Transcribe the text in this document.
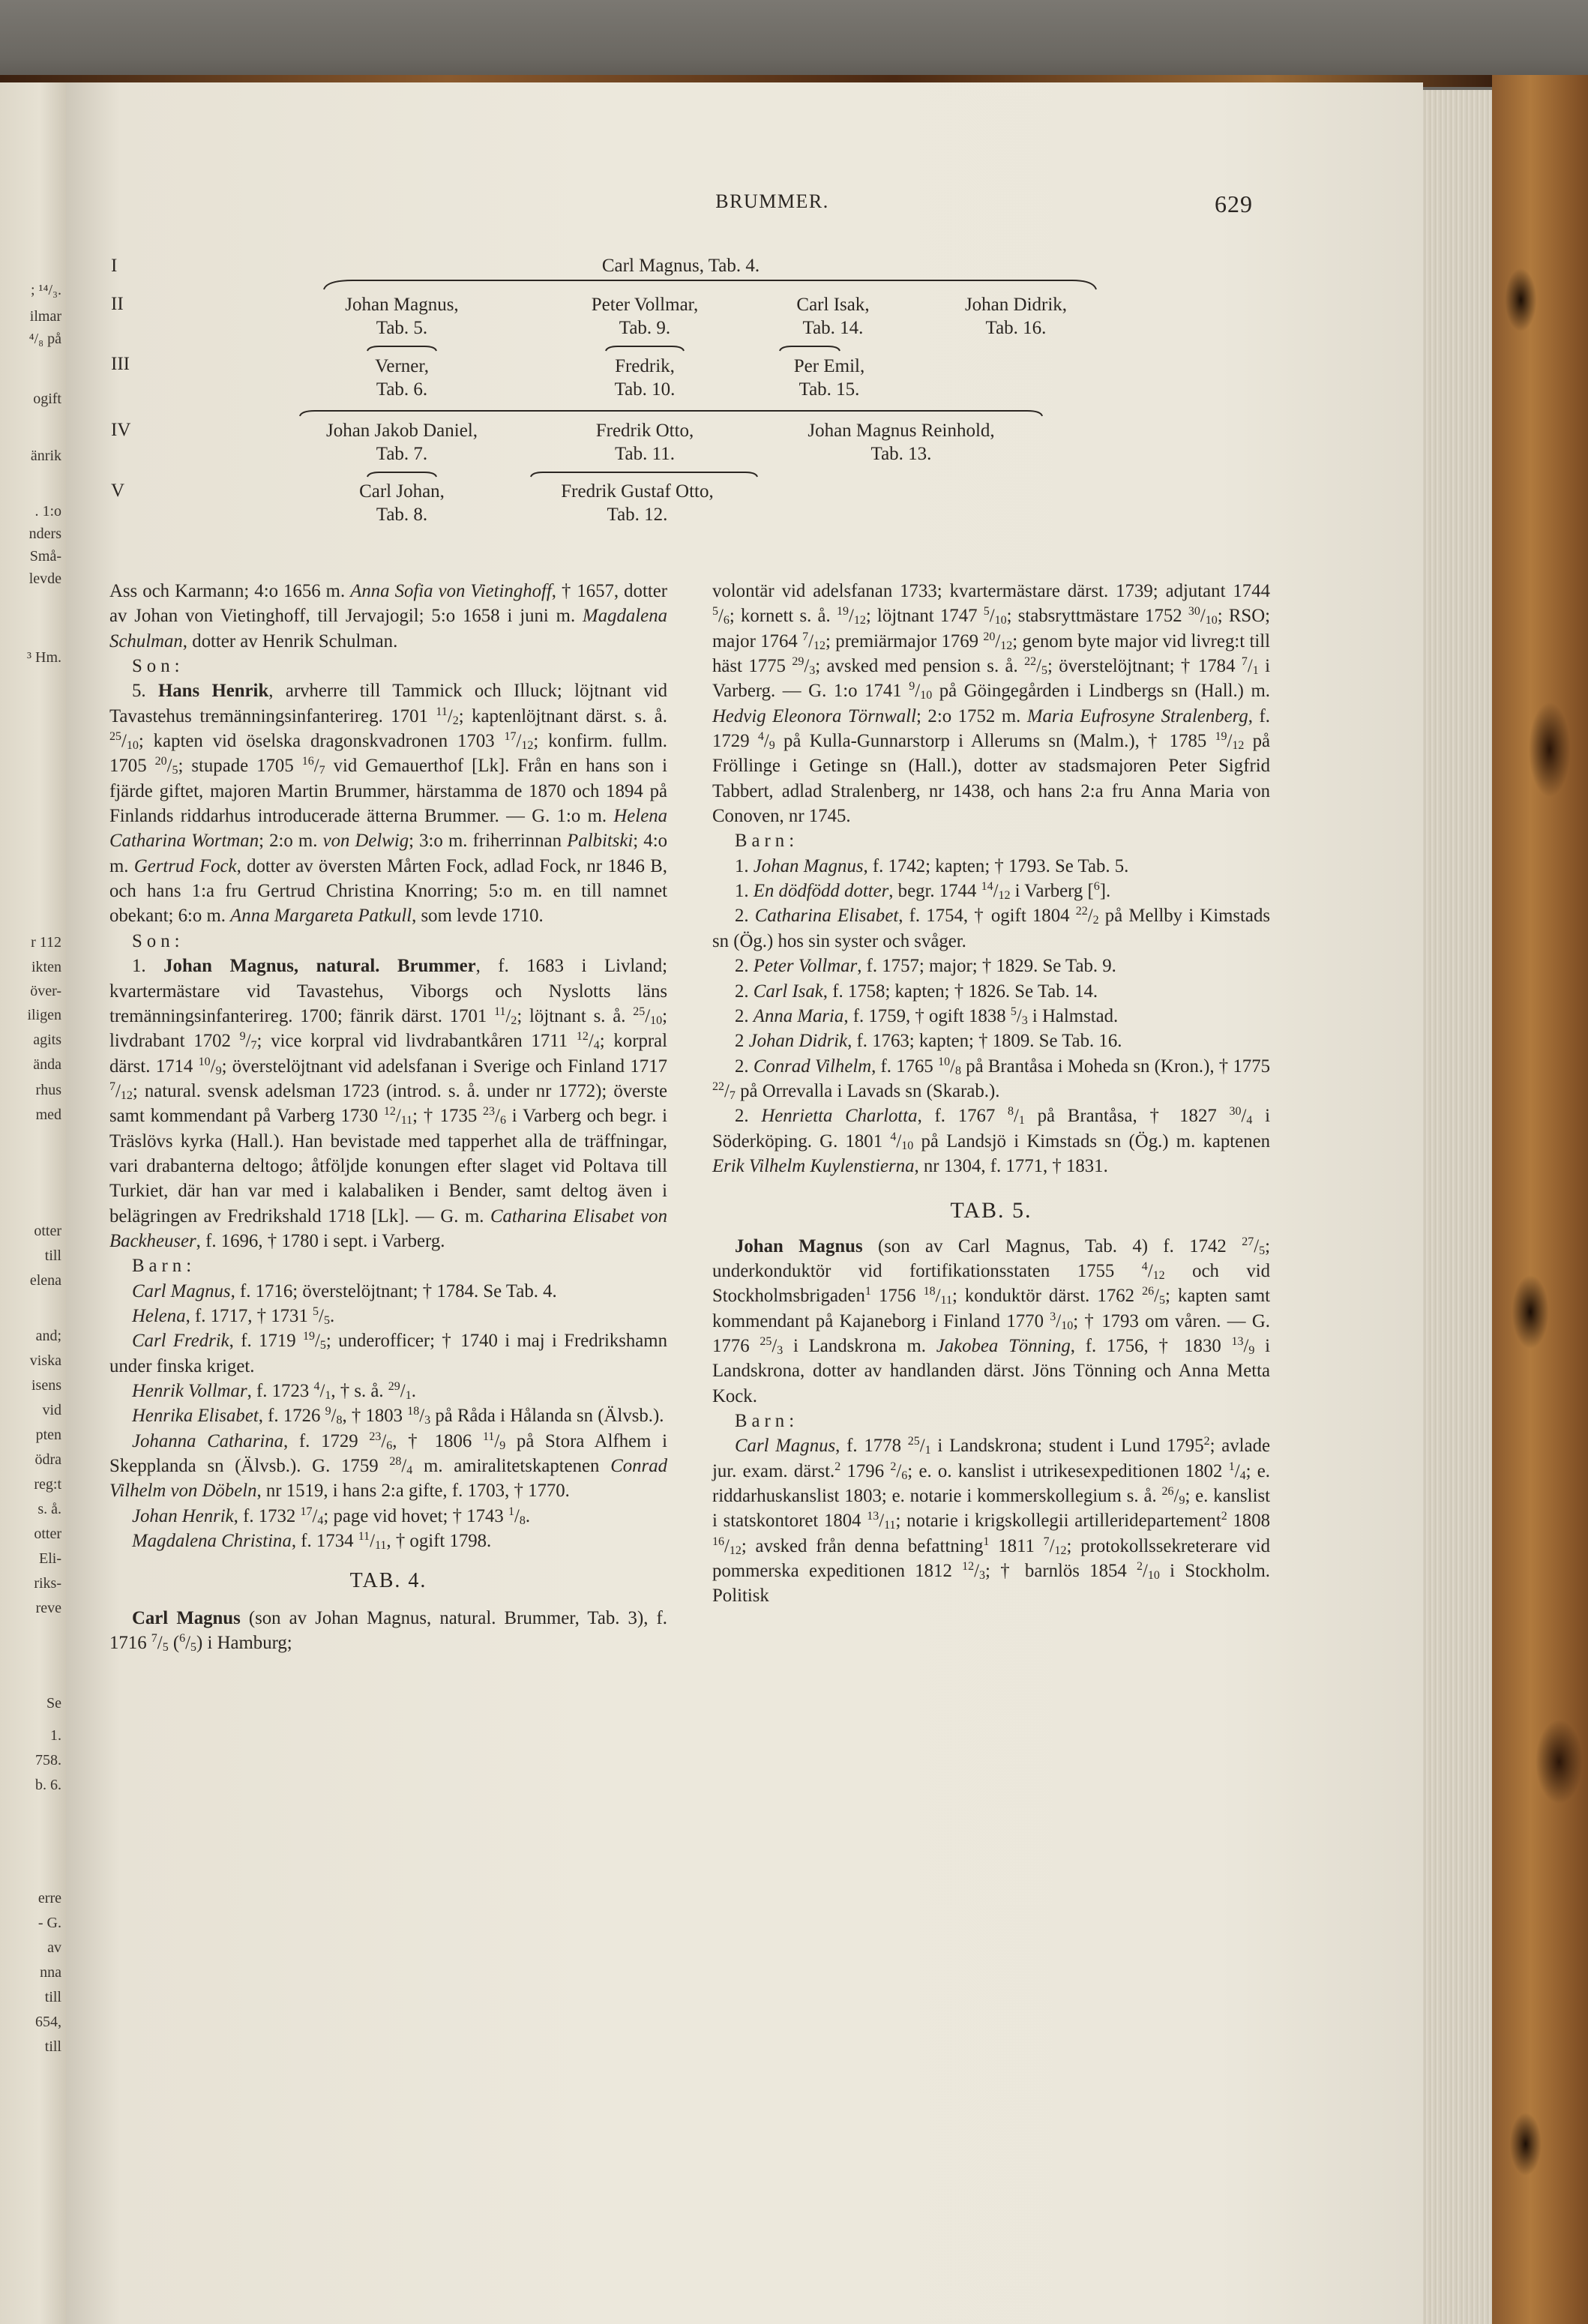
; ¹⁴/₃.
ilmar
⁴/₈ på
ogift
änrik
. 1:o
nders
Små-
levde
³ Hm.
r 112
ikten
över-
iligen
agits
ända
rhus
med
otter
till
elena
and;
viska
isens
vid
pten
ödra
reg:t
s. å.
otter
Eli-
riks-
reve
Se
1.
758.
b. 6.
erre
- G.
av
nna
till
654,
till
BRUMMER.	629
I
II
III
IV
V
Carl Magnus, Tab. 4.
Johan Magnus,
Tab. 5.
Peter Vollmar,
Tab. 9.
Carl Isak,
Tab. 14.
Johan Didrik,
Tab. 16.
Verner,
Tab. 6.
Fredrik,
Tab. 10.
Per Emil,
Tab. 15.
Johan Jakob Daniel,
Tab. 7.
Fredrik Otto,
Tab. 11.
Johan Magnus Reinhold,
Tab. 13.
Carl Johan,
Tab. 8.
Fredrik Gustaf Otto,
Tab. 12.

Ass och Karmann; 4:o 1656 m. Anna Sofia von Vietinghoff, † 1657, dotter av Johan von Vietinghoff, till Jervajogil; 5:o 1658 i juni m. Magdalena Schulman, dotter av Henrik Schulman.

Son:

5. Hans Henrik, arvherre till Tammick och Illuck; löjtnant vid Tavastehus tremänningsinfanterireg. 1701 $^{11}/_2$; kaptenlöjtnant därst. s. å. $^{25}/_{10}$; kapten vid öselska dragonskvadronen 1703 $^{17}/_{12}$; konfirm. fullm. 1705 $^{20}/_5$; stupade 1705 $^{16}/_7$ vid Gemauerthof [Lk]. Från en hans son i fjärde giftet, majoren Martin Brummer, härstamma de 1870 och 1894 på Finlands riddarhus introducerade ätterna Brummer. — G. 1:o m. Helena Catharina Wortman; 2:o m. von Delwig; 3:o m. friherrinnan Palbitski; 4:o m. Gertrud Fock, dotter av översten Mårten Fock, adlad Fock, nr 1846 B, och hans 1:a fru Gertrud Christina Knorring; 5:o m. en till namnet obekant; 6:o m. Anna Margareta Patkull, som levde 1710.

Son:

1. Johan Magnus, natural. Brummer, f. 1683 i Livland; kvartermästare vid Tavastehus, Viborgs och Nyslotts läns tremänningsinfanterireg. 1700; fänrik därst. 1701 $^{11}/_2$; löjtnant s. å. $^{25}/_{10}$; livdrabant 1702 $^9/_7$; vice korpral vid livdrabantkåren 1711 $^{12}/_4$; korpral därst. 1714 $^{10}/_9$; överstelöjtnant vid adelsfanan i Sverige och Finland 1717 $^7/_{12}$; natural. svensk adelsman 1723 (introd. s. å. under nr 1772); överste samt kommendant på Varberg 1730 $^{12}/_{11}$; † 1735 $^{23}/_6$ i Varberg och begr. i Träslövs kyrka (Hall.). Han bevistade med tapperhet alla de träffningar, vari drabanterna deltogo; åtföljde konungen efter slaget vid Poltava till Turkiet, där han var med i kalabaliken i Bender, samt deltog även i belägringen av Fredrikshald 1718 [Lk]. — G. m. Catharina Elisabet von Backheuser, f. 1696, † 1780 i sept. i Varberg.

Barn:

Carl Magnus, f. 1716; överstelöjtnant; † 1784. Se Tab. 4.

Helena, f. 1717, † 1731 $^5/_5$.

Carl Fredrik, f. 1719 $^{19}/_5$; underofficer; † 1740 i maj i Fredrikshamn under finska kriget.

Henrik Vollmar, f. 1723 $^4/_1$, † s. å. $^{29}/_1$.

Henrika Elisabet, f. 1726 $^9/_8$, † 1803 $^{18}/_3$ på Råda i Hålanda sn (Älvsb.).

Johanna Catharina, f. 1729 $^{23}/_6$, † 1806 $^{11}/_9$ på Stora Alfhem i Skepplanda sn (Älvsb.). G. 1759 $^{28}/_4$ m. amiralitetskaptenen Conrad Vilhelm von Döbeln, nr 1519, i hans 2:a gifte, f. 1703, † 1770.

Johan Henrik, f. 1732 $^{17}/_4$; page vid hovet; † 1743 $^1/_8$.

Magdalena Christina, f. 1734 $^{11}/_{11}$, † ogift 1798.

TAB. 4.

Carl Magnus (son av Johan Magnus, natural. Brummer, Tab. 3), f. 1716 $^7/_5$ $(^6/_5)$ i Hamburg;

volontär vid adelsfanan 1733; kvartermästare därst. 1739; adjutant 1744 $^5/_6$; kornett s. å. $^{19}/_{12}$; löjtnant 1747 $^5/_{10}$; stabsryttmästare 1752 $^{30}/_{10}$; RSO; major 1764 $^7/_{12}$; premiärmajor 1769 $^{20}/_{12}$; genom byte major vid livreg:t till häst 1775 $^{29}/_3$; avsked med pension s. å. $^{22}/_5$; överstelöjtnant; † 1784 $^7/_1$ i Varberg. — G. 1:o 1741 $^9/_{10}$ på Göingegården i Lindbergs sn (Hall.) m. Hedvig Eleonora Törnwall; 2:o 1752 m. Maria Eufrosyne Stralenberg, f. 1729 $^4/_9$ på Kulla-Gunnarstorp i Allerums sn (Malm.), † 1785 $^{19}/_{12}$ på Fröllinge i Getinge sn (Hall.), dotter av stadsmajoren Peter Sigfrid Tabbert, adlad Stralenberg, nr 1438, och hans 2:a fru Anna Maria von Conoven, nr 1745.

Barn:

1. Johan Magnus, f. 1742; kapten; † 1793. Se Tab. 5.

1. En dödfödd dotter, begr. 1744 $^{14}/_{12}$ i Varberg [$^6$].

2. Catharina Elisabet, f. 1754, † ogift 1804 $^{22}/_2$ på Mellby i Kimstads sn (Ög.) hos sin syster och svåger.

2. Peter Vollmar, f. 1757; major; † 1829. Se Tab. 9.

2. Carl Isak, f. 1758; kapten; † 1826. Se Tab. 14.

2. Anna Maria, f. 1759, † ogift 1838 $^5/_3$ i Halmstad.

2 Johan Didrik, f. 1763; kapten; † 1809. Se Tab. 16.

2. Conrad Vilhelm, f. 1765 $^{10}/_8$ på Brantåsa i Moheda sn (Kron.), † 1775 $^{22}/_7$ på Orrevalla i Lavads sn (Skarab.).

2. Henrietta Charlotta, f. 1767 $^8/_1$ på Brantåsa, † 1827 $^{30}/_4$ i Söderköping. G. 1801 $^4/_{10}$ på Landsjö i Kimstads sn (Ög.) m. kaptenen Erik Vilhelm Kuylenstierna, nr 1304, f. 1771, † 1831.

TAB. 5.

Johan Magnus (son av Carl Magnus, Tab. 4) f. 1742 $^{27}/_5$; underkonduktör vid fortifikationsstaten 1755 $^4/_{12}$ och vid Stockholmsbrigaden$^1$ 1756 $^{18}/_{11}$; konduktör därst. 1762 $^{26}/_5$; kapten samt kommendant på Kajaneborg i Finland 1770 $^3/_{10}$; † 1793 om våren. — G. 1776 $^{25}/_3$ i Landskrona m. Jakobea Tönning, f. 1756, † 1830 $^{13}/_9$ i Landskrona, dotter av handlanden därst. Jöns Tönning och Anna Metta Kock.

Barn:

Carl Magnus, f. 1778 $^{25}/_1$ i Landskrona; student i Lund 1795$^2$; avlade jur. exam. därst.$^2$ 1796 $^2/_6$; e. o. kanslist i utrikesexpeditionen 1802 $^1/_4$; e. riddarhuskanslist 1803; e. notarie i kommerskollegium s. å. $^{26}/_9$; e. kanslist i statskontoret 1804 $^{13}/_{11}$; notarie i krigskollegii artilleridepartement$^2$ 1808 $^{16}/_{12}$; avsked från denna befattning$^1$ 1811 $^7/_{12}$; protokollssekreterare vid pommerska expeditionen 1812 $^{12}/_3$; † barnlös 1854 $^2/_{10}$ i Stockholm. Politisk
